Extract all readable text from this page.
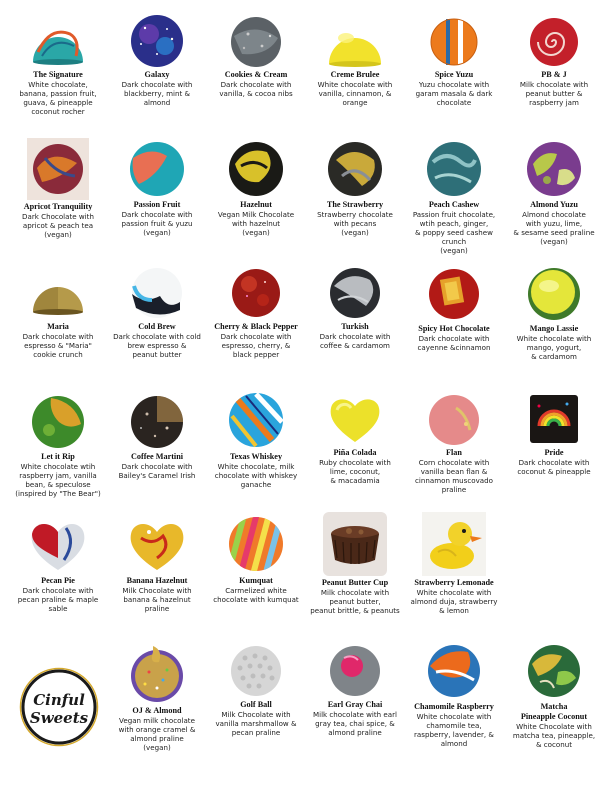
The Signature
White chocolate,
banana, passion fruit,
guava, & pineapple
coconut rocher
Galaxy
Dark chocolate with
blackberry, mint &
almond
Cookies & Cream
Dark chocolate with
vanilla, & cocoa nibs
Creme Brulee
White chocolate with
vanilla, cinnamon, &
orange
Spice Yuzu
Yuzu chocolate with
garam masala & dark
chocolate
PB & J
Milk chocolate with
peanut butter &
raspberry jam
Apricot Tranquility
Dark Chocolate with
apricot & peach tea
(vegan)
Passion Fruit
Dark chocolate with
passion fruit & yuzu
(vegan)
Hazelnut
Vegan Milk Chocolate
with hazelnut
(vegan)
The Strawberry
Strawberry chocolate
with pecans
(vegan)
Peach Cashew
Passion fruit chocolate,
wtih peach, ginger,
& poppy seed cashew
crunch
(vegan)
Almond Yuzu
Almond chocolate
with yuzu, lime,
& sesame seed praline
(vegan)
Maria
Dark chocolate with
espresso & "Maria"
cookie crunch
Cold Brew
Dark chocolate with cold
brew espresso &
peanut butter
Cherry & Black Pepper
Dark chocolate with
espresso, cherry, &
black pepper
Turkish
Dark chocolate with
coffee & cardamom
Spicy Hot Chocolate
Dark chocolate with
cayenne &cinnamon
Mango Lassie
White chocolate with
mango, yogurt,
& cardamom
Let it Rip
White chocolate wtih
raspberry jam, vanilla
bean, & speculose
(inspired by "The Bear")
Coffee Martini
Dark chocolate with
Bailey's Caramel Irish
Texas Whiskey
White chocolate, milk
chocolate with whiskey
ganache
Piña Colada
Ruby chocolate with
lime, coconut,
& macadamia
Flan
Corn chocolate with
vanilla bean flan &
cinnamon muscovado
praline
Pride
Dark chocolate with
coconut & pineapple
Pecan Pie
Dark chocolate with
pecan praline & maple
sable
Banana Hazelnut
Milk Chocolate with
banana & hazelnut
praline
Kumquat
Carmelized white
chocolate with kumquat
Peanut Butter Cup
Milk chocolate with
peanut butter,
peanut brittle, & peanuts
Strawberry Lemonade
White chocolate with
almond duja, strawberry
& lemon
Cinful
Sweets	OJ & Almond
Vegan milk chocolate
with orange cramel &
almond praline
(vegan)
Golf Ball
Milk Chocolate with
vanilla marshmallow &
pecan praline
Earl Gray Chai
Milk chocolate with earl
gray tea, chai spice, &
almond praline
Chamomile Raspberry
White chocolate with
chamomile tea,
raspberry, lavender, &
almond
Matcha
Pineapple Coconut
White Chocolate with
matcha tea, pineapple,
& coconut
